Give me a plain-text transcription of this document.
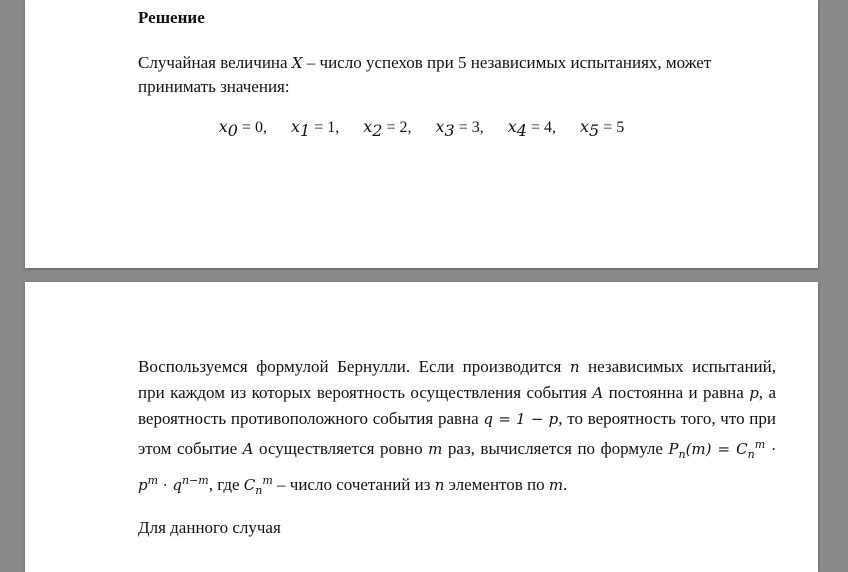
Решение
Случайная величина X – число успехов при 5 независимых испытаниях, может принимать значения:
$x_0 = 0$, $x_1 = 1$, $x_2 = 2$, $x_3 = 3$, $x_4 = 4$, $x_5 = 5$
Воспользуемся формулой Бернулли. Если производится n независимых испытаний, при каждом из которых вероятность осуществления события A постоянна и равна p, а вероятность противоположного события равна q = 1 − p, то вероятность того, что при этом событие A осуществляется ровно m раз, вычисляется по формуле $P_n(m) = C_n^m \cdot p^m \cdot q^{n-m}$, где $C_n^m$ – число сочетаний из n элементов по m.
Для данного случая
